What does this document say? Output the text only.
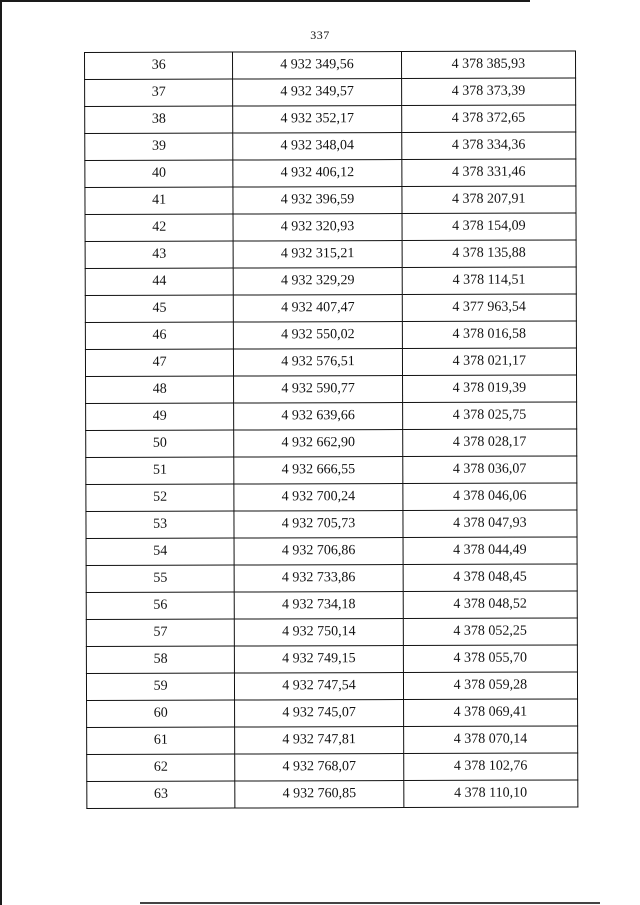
337
36	4 932 349,56	4 378 385,93
37	4 932 349,57	4 378 373,39
38	4 932 352,17	4 378 372,65
39	4 932 348,04	4 378 334,36
40	4 932 406,12	4 378 331,46
41	4 932 396,59	4 378 207,91
42	4 932 320,93	4 378 154,09
43	4 932 315,21	4 378 135,88
44	4 932 329,29	4 378 114,51
45	4 932 407,47	4 377 963,54
46	4 932 550,02	4 378 016,58
47	4 932 576,51	4 378 021,17
48	4 932 590,77	4 378 019,39
49	4 932 639,66	4 378 025,75
50	4 932 662,90	4 378 028,17
51	4 932 666,55	4 378 036,07
52	4 932 700,24	4 378 046,06
53	4 932 705,73	4 378 047,93
54	4 932 706,86	4 378 044,49
55	4 932 733,86	4 378 048,45
56	4 932 734,18	4 378 048,52
57	4 932 750,14	4 378 052,25
58	4 932 749,15	4 378 055,70
59	4 932 747,54	4 378 059,28
60	4 932 745,07	4 378 069,41
61	4 932 747,81	4 378 070,14
62	4 932 768,07	4 378 102,76
63	4 932 760,85	4 378 110,10
